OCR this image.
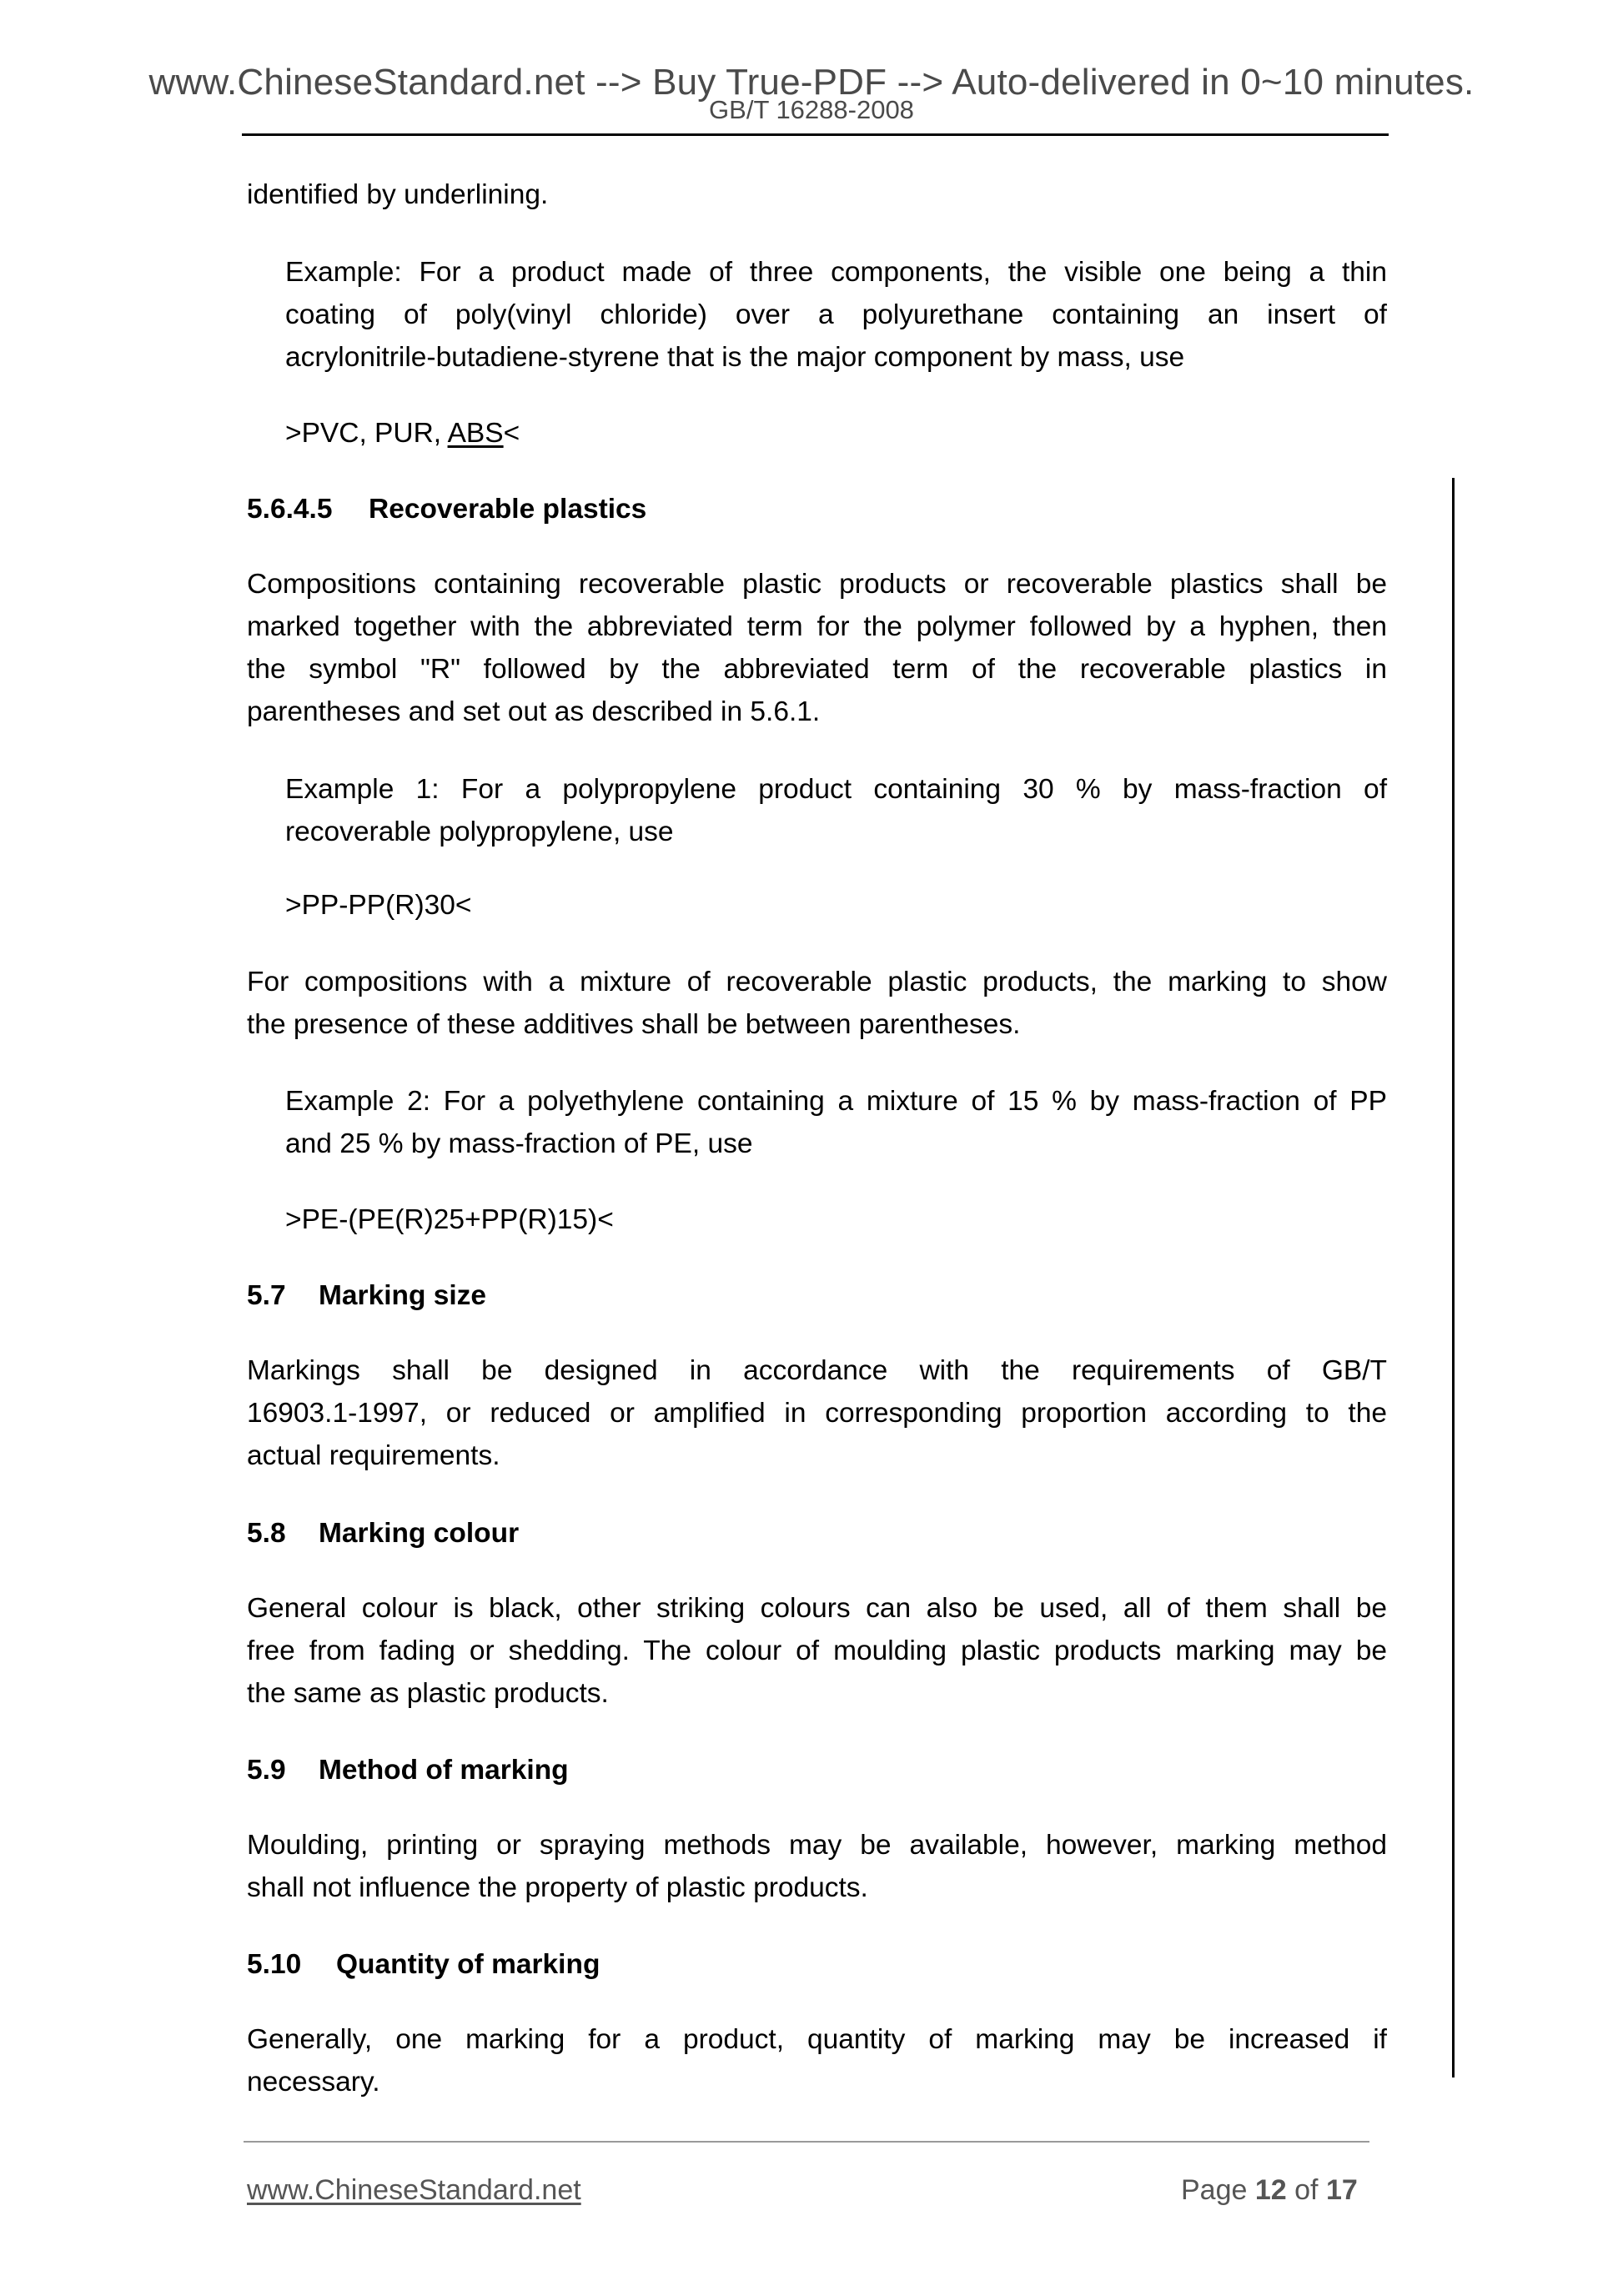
www.ChineseStandard.net --> Buy True-PDF --> Auto-delivered in 0~10 minutes.
GB/T 16288-2008
identified by underlining.
Example: For a product made of three components, the visible one being a thin
coating of poly(vinyl chloride) over a polyurethane containing an insert of
acrylonitrile-butadiene-styrene that is the major component by mass, use
>PVC, PUR, ABS<
5.6.4.5 Recoverable plastics
Compositions containing recoverable plastic products or recoverable plastics shall be
marked together with the abbreviated term for the polymer followed by a hyphen, then
the symbol "R" followed by the abbreviated term of the recoverable plastics in
parentheses and set out as described in 5.6.1.
Example 1: For a polypropylene product containing 30 % by mass-fraction of
recoverable polypropylene, use
>PP-PP(R)30<
For compositions with a mixture of recoverable plastic products, the marking to show
the presence of these additives shall be between parentheses.
Example 2: For a polyethylene containing a mixture of 15 % by mass-fraction of PP
and 25 % by mass-fraction of PE, use
>PE-(PE(R)25+PP(R)15)<
5.7 Marking size
Markings shall be designed in accordance with the requirements of GB/T
16903.1-1997, or reduced or amplified in corresponding proportion according to the
actual requirements.
5.8 Marking colour
General colour is black, other striking colours can also be used, all of them shall be
free from fading or shedding. The colour of moulding plastic products marking may be
the same as plastic products.
5.9 Method of marking
Moulding, printing or spraying methods may be available, however, marking method
shall not influence the property of plastic products.
5.10 Quantity of marking
Generally, one marking for a product, quantity of marking may be increased if
necessary.
www.ChineseStandard.net	Page 12 of 17
